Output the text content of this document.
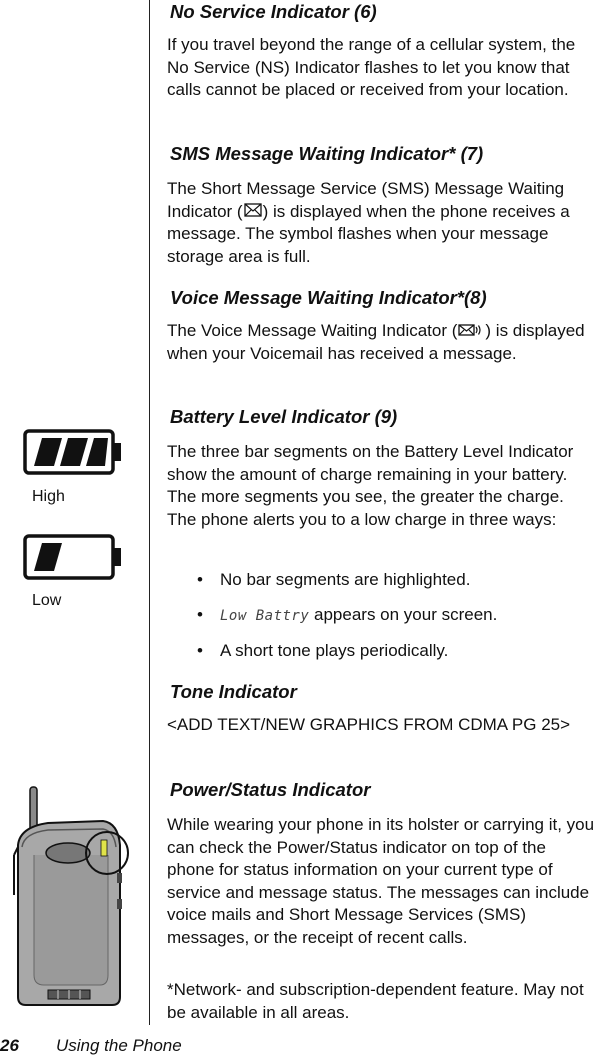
No Service Indicator (6)

If you travel beyond the range of a cellular system, the No Service (NS) Indicator flashes to let you know that calls cannot be placed or received from your location.

SMS Message Waiting Indicator* (7)

The Short Message Service (SMS) Message Waiting Indicator ( ) is displayed when the phone receives a message. The symbol flashes when your message storage area is full.

Voice Message Waiting Indicator*(8)

The Voice Message Waiting Indicator ( ) is displayed when your Voicemail has received a message.

Battery Level Indicator (9)

The three bar segments on the Battery Level Indicator show the amount of charge remaining in your battery. The more segments you see, the greater the charge. The phone alerts you to a low charge in three ways:

• No bar segments are highlighted.
• Low Battry appears on your screen.
• A short tone plays periodically.
High
Low
Tone Indicator

<ADD TEXT/NEW GRAPHICS FROM CDMA PG 25>

Power/Status Indicator

While wearing your phone in its holster or carrying it, you can check the Power/Status indicator on top of the phone for status information on your current type of service and message status. The messages can include voice mails and Short Message Services (SMS) messages, or the receipt of recent calls.

*Network- and subscription-dependent feature. May not be available in all areas.

26 Using the Phone
